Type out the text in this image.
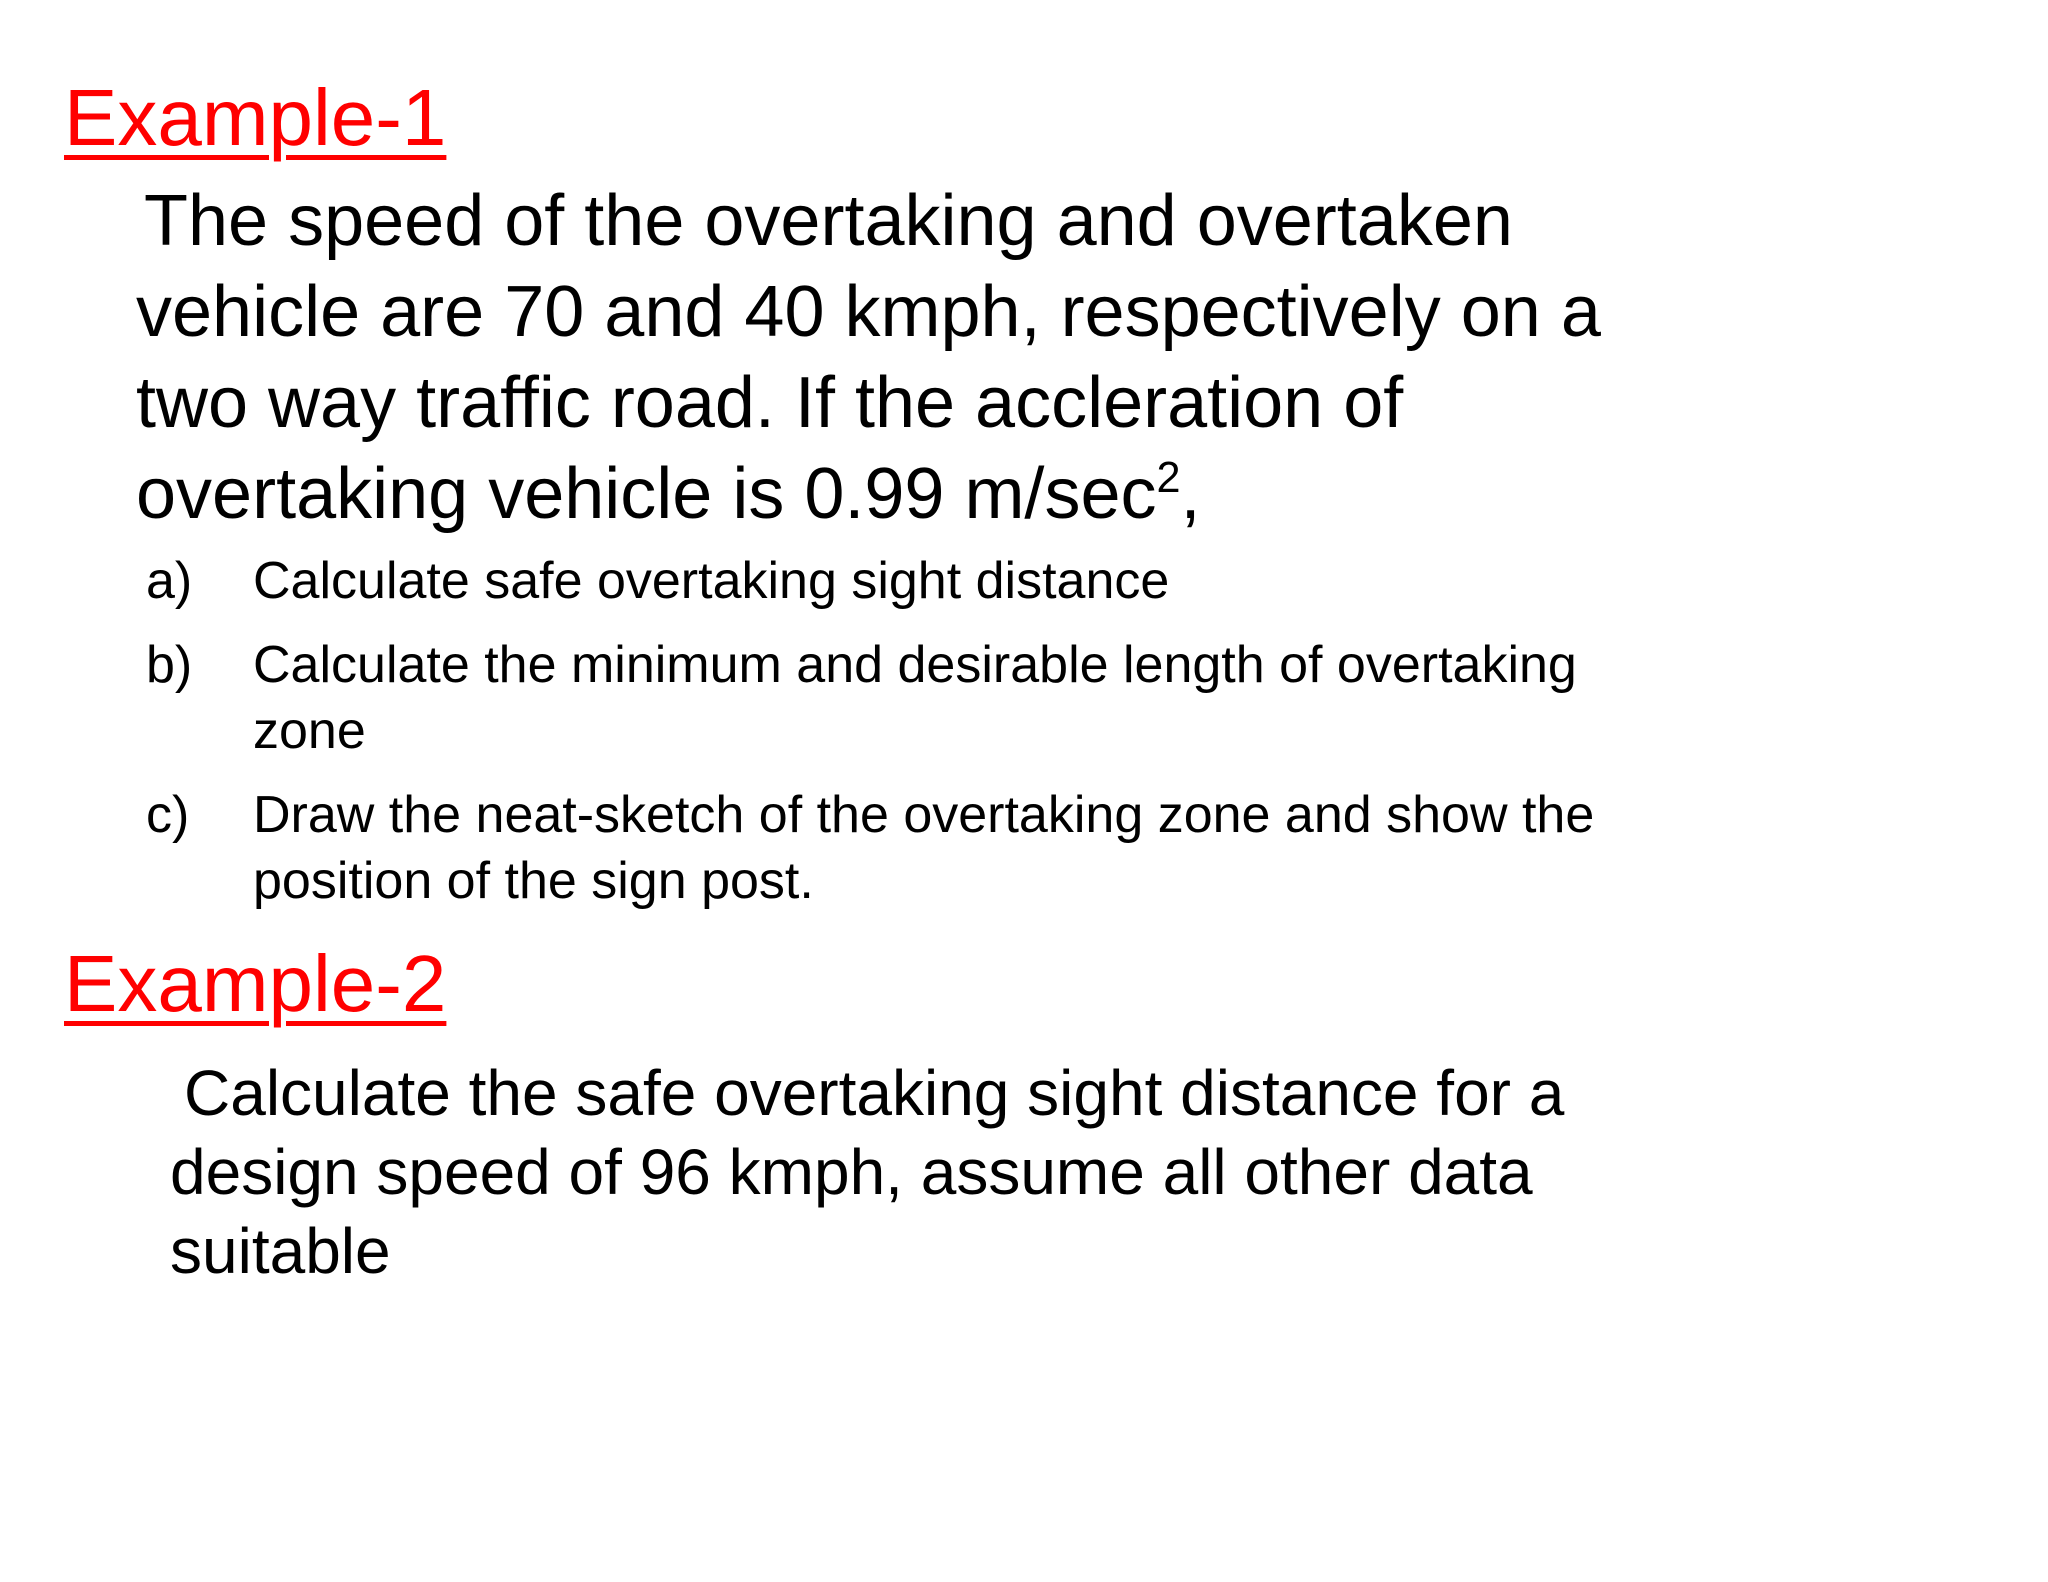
Example-1
The speed of the overtaking and overtaken
vehicle are 70 and 40 kmph, respectively on a
two way traffic road. If the accleration of
overtaking vehicle is 0.99 $m/\sec^2$,
a) Calculate safe overtaking sight distance
b) Calculate the minimum and desirable length of overtaking
zone
c) Draw the neat-sketch of the overtaking zone and show the
position of the sign post.
Example-2
Calculate the safe overtaking sight distance for a
design speed of 96 kmph, assume all other data
suitable
